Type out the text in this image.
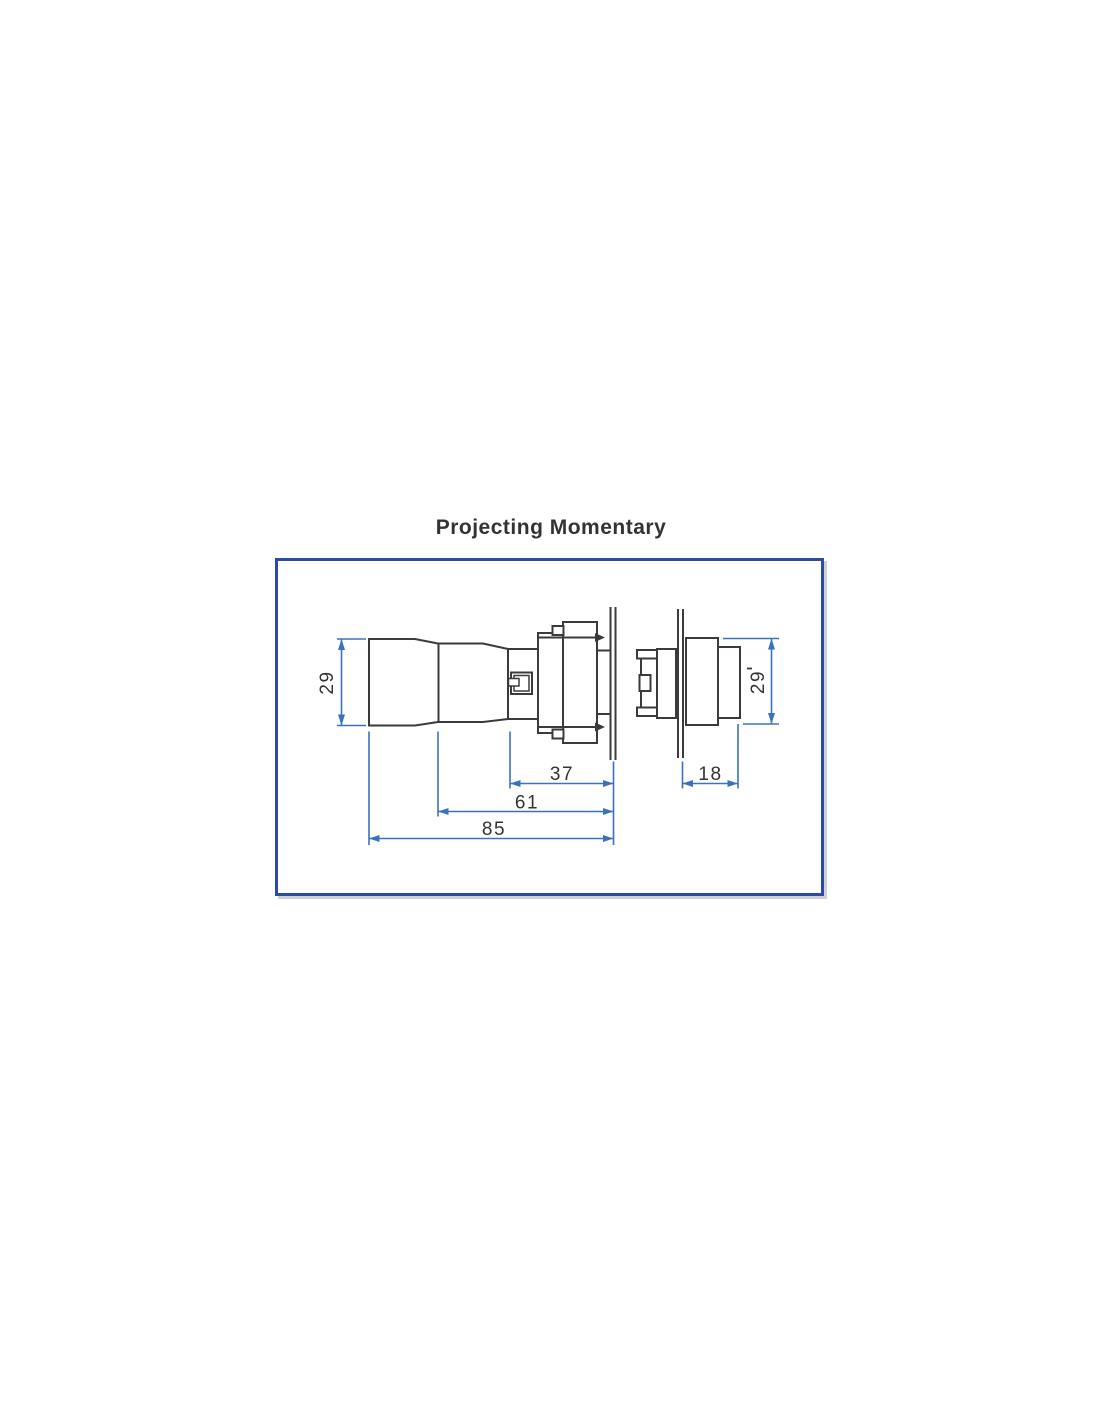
Projecting Momentary
29	29
37
61
85
18
